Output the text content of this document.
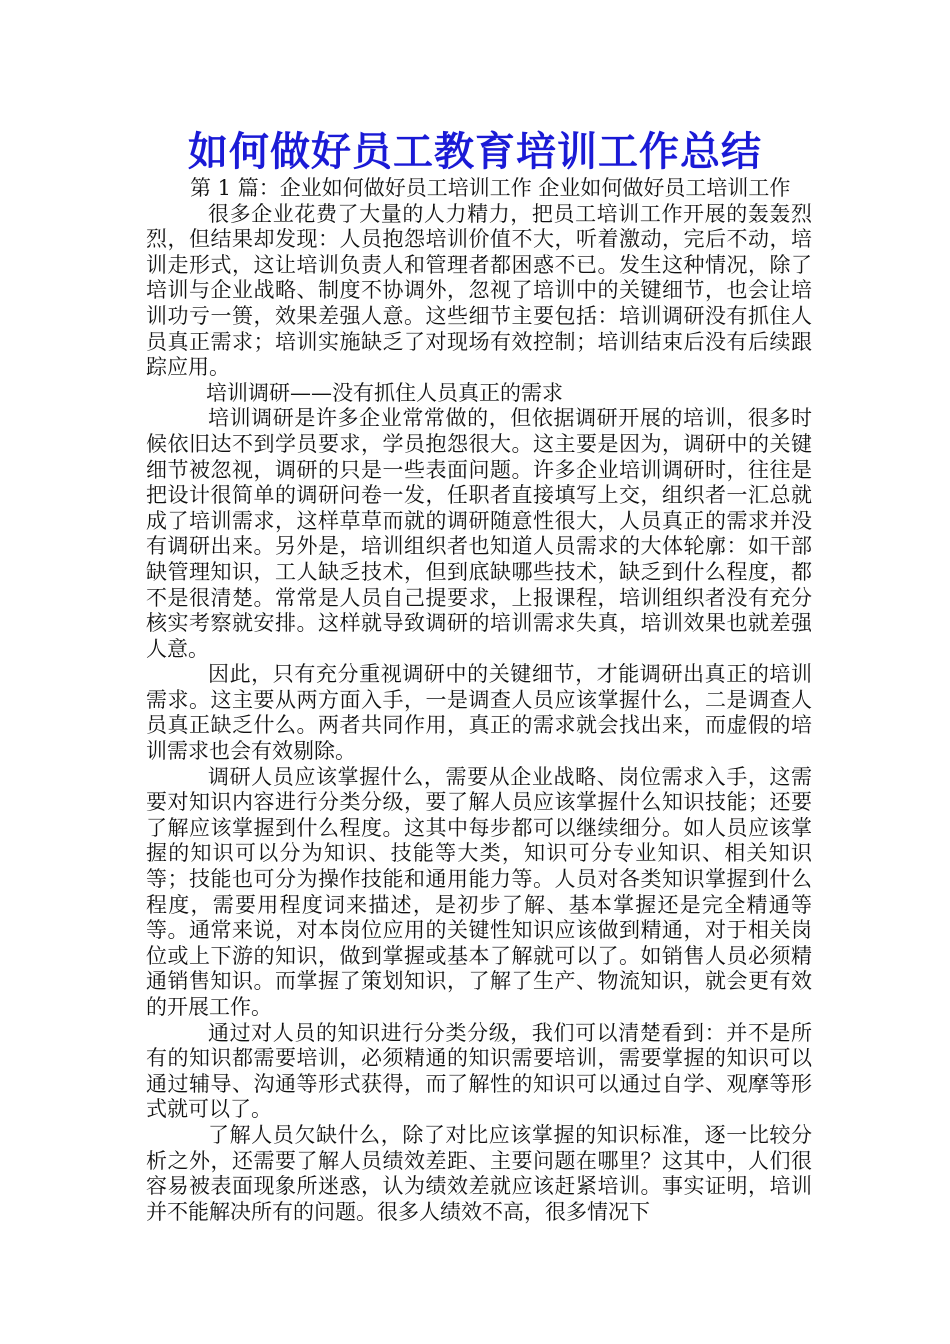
如何做好员工教育培训工作总结

第 1 篇：企业如何做好员工培训工作 企业如何做好员工培训工作

很多企业花费了大量的人力精力，把员工培训工作开展的轰轰烈烈，但结果却发现：人员抱怨培训价值不大，听着激动，完后不动，培训走形式，这让培训负责人和管理者都困惑不已。发生这种情况，除了培训与企业战略、制度不协调外，忽视了培训中的关键细节，也会让培训功亏一篑，效果差强人意。这些细节主要包括：培训调研没有抓住人员真正需求；培训实施缺乏了对现场有效控制；培训结束后没有后续跟踪应用。

培训调研——没有抓住人员真正的需求

培训调研是许多企业常常做的，但依据调研开展的培训，很多时候依旧达不到学员要求，学员抱怨很大。这主要是因为，调研中的关键细节被忽视，调研的只是一些表面问题。许多企业培训调研时，往往是把设计很简单的调研问卷一发，任职者直接填写上交，组织者一汇总就成了培训需求，这样草草而就的调研随意性很大，人员真正的需求并没有调研出来。另外是，培训组织者也知道人员需求的大体轮廓：如干部缺管理知识，工人缺乏技术，但到底缺哪些技术，缺乏到什么程度，都不是很清楚。常常是人员自己提要求，上报课程，培训组织者没有充分核实考察就安排。这样就导致调研的培训需求失真，培训效果也就差强人意。

因此，只有充分重视调研中的关键细节，才能调研出真正的培训需求。这主要从两方面入手，一是调查人员应该掌握什么，二是调查人员真正缺乏什么。两者共同作用，真正的需求就会找出来，而虚假的培训需求也会有效剔除。

调研人员应该掌握什么，需要从企业战略、岗位需求入手，这需要对知识内容进行分类分级，要了解人员应该掌握什么知识技能；还要了解应该掌握到什么程度。这其中每步都可以继续细分。如人员应该掌握的知识可以分为知识、技能等大类，知识可分专业知识、相关知识等；技能也可分为操作技能和通用能力等。人员对各类知识掌握到什么程度，需要用程度词来描述，是初步了解、基本掌握还是完全精通等等。通常来说，对本岗位应用的关键性知识应该做到精通，对于相关岗位或上下游的知识，做到掌握或基本了解就可以了。如销售人员必须精通销售知识。而掌握了策划知识，了解了生产、物流知识，就会更有效的开展工作。

通过对人员的知识进行分类分级，我们可以清楚看到：并不是所有的知识都需要培训，必须精通的知识需要培训，需要掌握的知识可以通过辅导、沟通等形式获得，而了解性的知识可以通过自学、观摩等形式就可以了。

了解人员欠缺什么，除了对比应该掌握的知识标准，逐一比较分析之外，还需要了解人员绩效差距、主要问题在哪里？这其中，人们很容易被表面现象所迷惑，认为绩效差就应该赶紧培训。事实证明，培训并不能解决所有的问题。很多人绩效不高，很多情况下
